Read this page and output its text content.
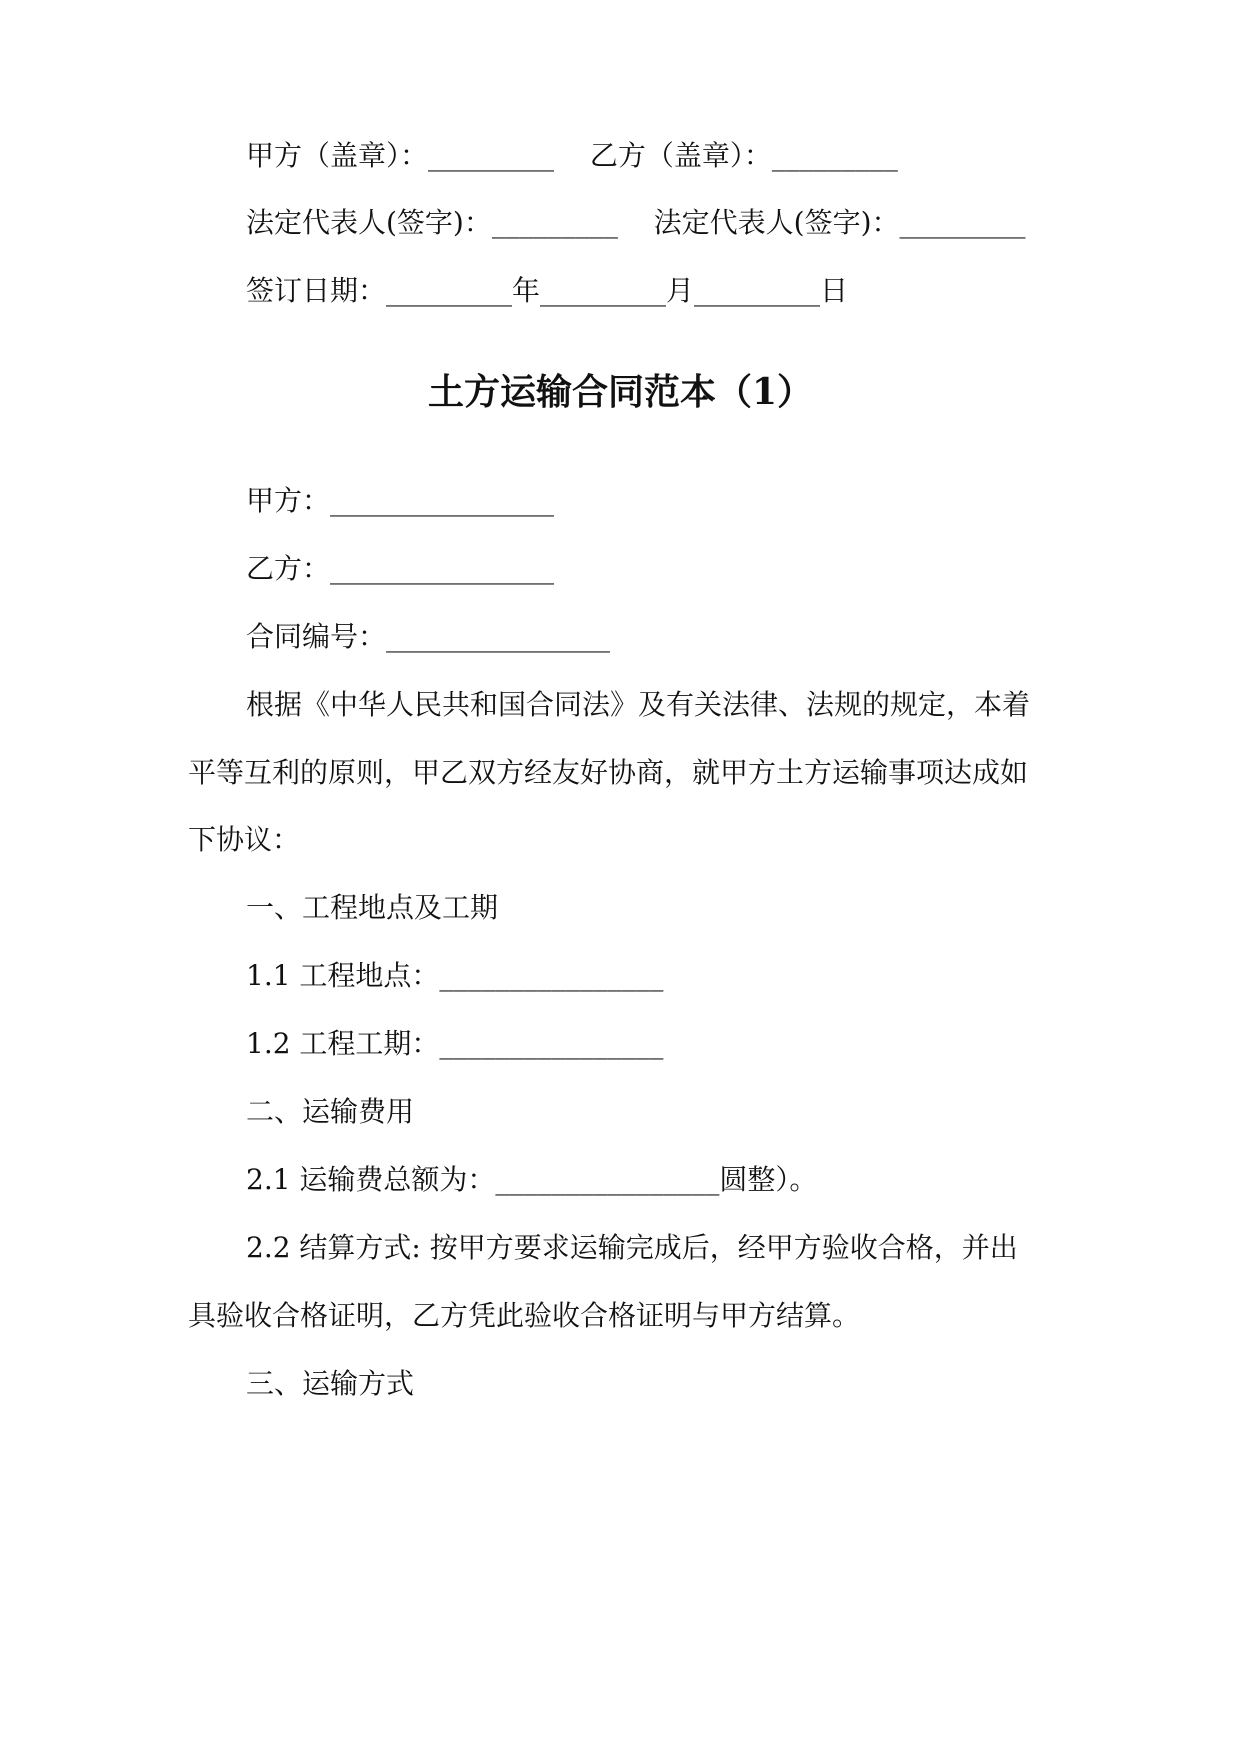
甲方（盖章）：_________ 乙方（盖章）：_________
法定代表人(签字)：_________ 法定代表人(签字)：_________
签订日期：_________年_________月_________日
土方运输合同范本（1）
甲方：________________
乙方：________________
合同编号：________________
根据《中华人民共和国合同法》及有关法律、法规的规定，本着
平等互利的原则，甲乙双方经友好协商，就甲方土方运输事项达成如
下协议：
一、工程地点及工期
1.1 工程地点：________________
1.2 工程工期：________________
二、运输费用
2.1 运输费总额为：________________圆整）。
2.2 结算方式: 按甲方要求运输完成后，经甲方验收合格，并出
具验收合格证明，乙方凭此验收合格证明与甲方结算。
三、运输方式
